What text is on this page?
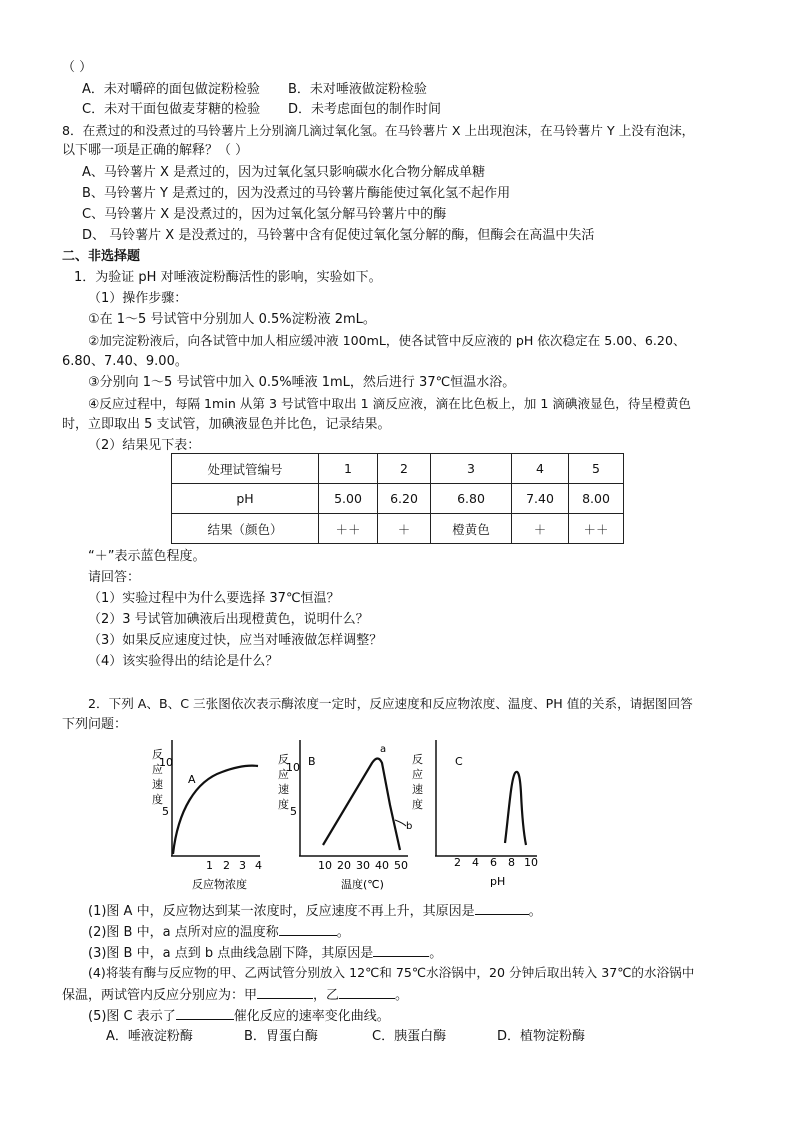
（ ）
A．未对嚼碎的面包做淀粉检验 B．未对唾液做淀粉检验
C．未对干面包做麦芽糖的检验 D．未考虑面包的制作时间
8．在煮过的和没煮过的马铃薯片上分别滴几滴过氧化氢。在马铃薯片 X 上出现泡沫，在马铃薯片 Y 上没有泡沫，
以下哪一项是正确的解释？（ ）
A、马铃薯片 X 是煮过的，因为过氧化氢只影响碳水化合物分解成单糖
B、马铃薯片 Y 是煮过的，因为没煮过的马铃薯片酶能使过氧化氢不起作用
C、马铃薯片 X 是没煮过的，因为过氧化氢分解马铃薯片中的酶
D、 马铃薯片 X 是没煮过的，马铃薯中含有促使过氧化氢分解的酶，但酶会在高温中失活
二、非选择题
1．为验证 pH 对唾液淀粉酶活性的影响，实验如下。
（1）操作步骤：
①在 1～5 号试管中分别加人 0.5%淀粉液 2mL。
②加完淀粉液后，向各试管中加人相应缓冲液 100mL，使各试管中反应液的 pH 依次稳定在 5.00、6.20、
6.80、7.40、9.00。
③分别向 1～5 号试管中加入 0.5%唾液 1mL，然后进行 37℃恒温水浴。
④反应过程中，每隔 1min 从第 3 号试管中取出 1 滴反应液，滴在比色板上，加 1 滴碘液显色，待呈橙黄色
时，立即取出 5 支试管，加碘液显色并比色，记录结果。
（2）结果见下表：
处理试管编号	1	2	3	4	5
pH	5.00	6.20	6.80	7.40	8.00
结果（颜色）	＋＋	＋	橙黄色	＋	＋＋
“＋”表示蓝色程度。
请回答：
（1）实验过程中为什么要选择 37℃恒温？
（2）3 号试管加碘液后出现橙黄色，说明什么？
（3）如果反应速度过快，应当对唾液做怎样调整？
（4）该实验得出的结论是什么？
2．下列 A、B、C 三张图依次表示酶浓度一定时，反应速度和反应物浓度、温度、PH 值的关系，请据图回答
下列问题：
反
应
速
度
10
5
1 2 3 4
A
反应物浓度
反
应
速
度
10
5
10 20 30 40 50
B
a
b
温度(℃)
反
应
速
度
C
2 4 6 8 10
pH
(1)图 A 中，反应物达到某一浓度时，反应速度不再上升，其原因是	。
(2)图 B 中，a 点所对应的温度称	。
(3)图 B 中，a 点到 b 点曲线急剧下降，其原因是	。
(4)将装有酶与反应物的甲、乙两试管分别放入 12℃和 75℃水浴锅中，20 分钟后取出转入 37℃的水浴锅中
保温，两试管内反应分别应为：甲	，乙	。
(5)图 C 表示了	催化反应的速率变化曲线。
A．唾液淀粉酶	B．胃蛋白酶	C．胰蛋白酶	D．植物淀粉酶
